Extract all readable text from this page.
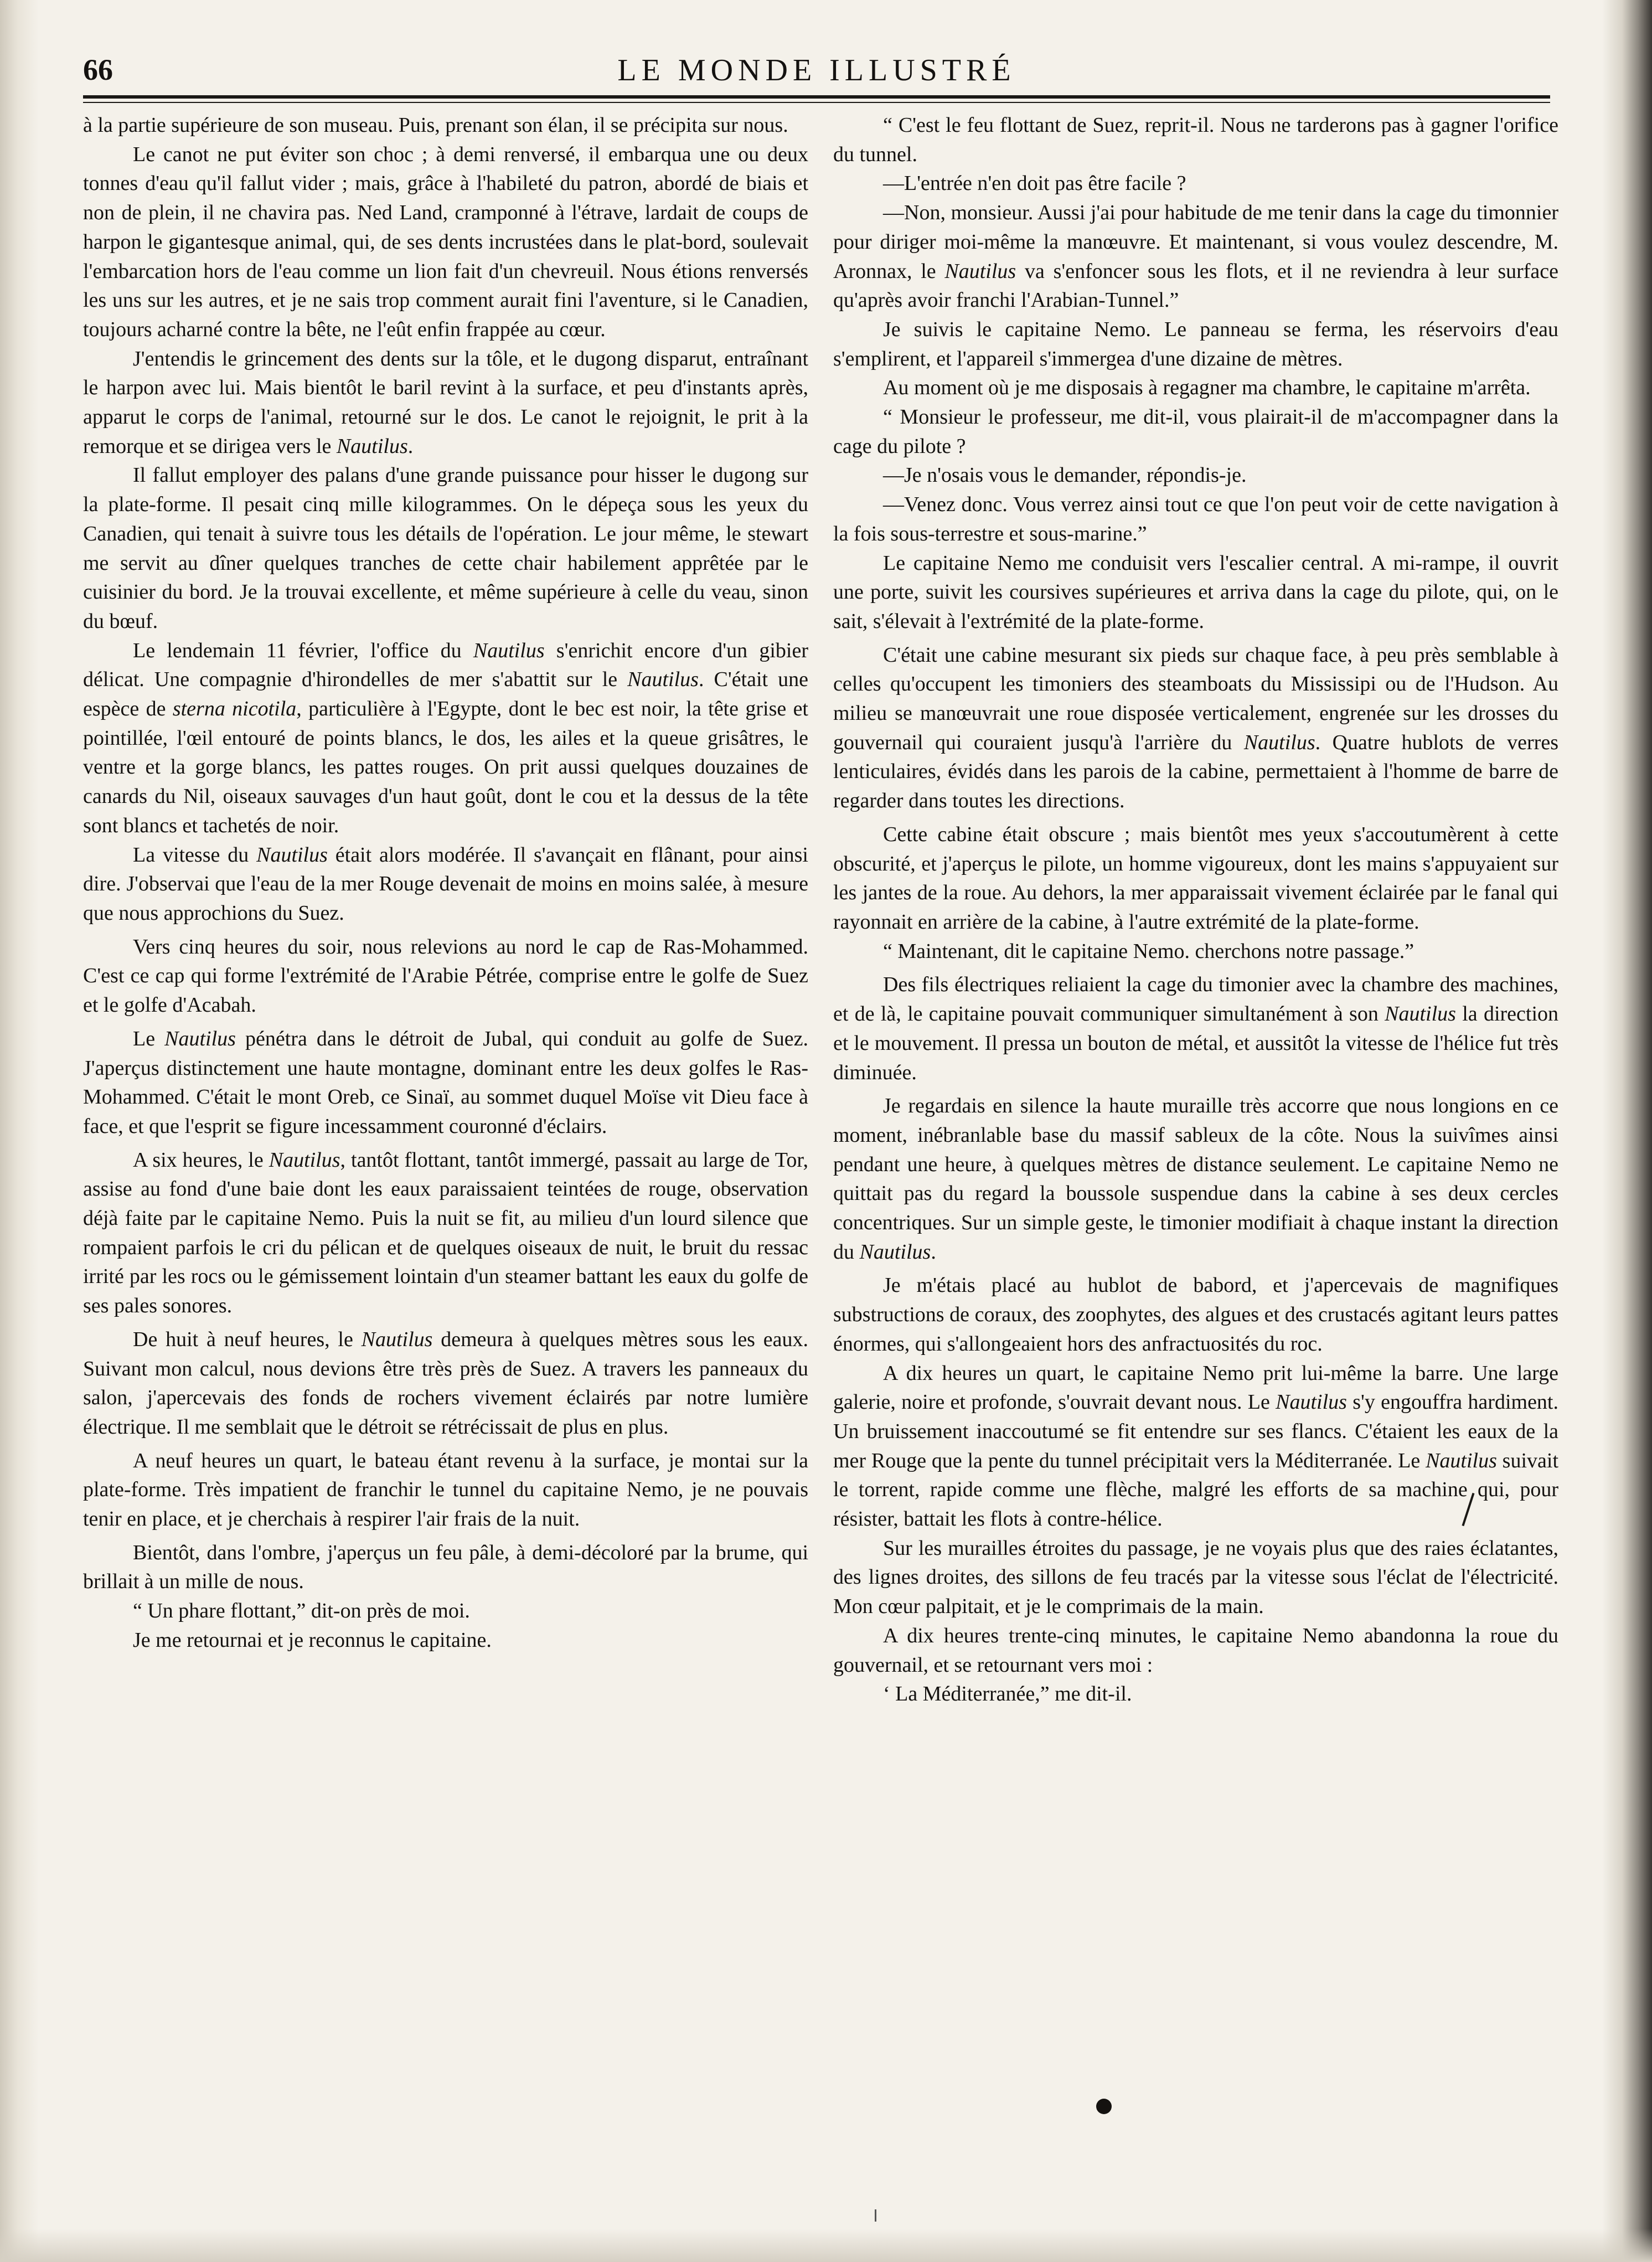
66	LE MONDE ILLUSTRÉ

à la partie supérieure de son museau. Puis, prenant son élan, il se précipita sur nous.

Le canot ne put éviter son choc ; à demi renversé, il embarqua une ou deux tonnes d'eau qu'il fallut vider ; mais, grâce à l'habileté du patron, abordé de biais et non de plein, il ne chavira pas. Ned Land, cramponné à l'étrave, lardait de coups de harpon le gigantesque animal, qui, de ses dents incrustées dans le plat-bord, soulevait l'embarcation hors de l'eau comme un lion fait d'un chevreuil. Nous étions renversés les uns sur les autres, et je ne sais trop comment aurait fini l'aventure, si le Canadien, toujours acharné contre la bête, ne l'eût enfin frappée au cœur.

J'entendis le grincement des dents sur la tôle, et le dugong disparut, entraînant le harpon avec lui. Mais bientôt le baril revint à la surface, et peu d'instants après, apparut le corps de l'animal, retourné sur le dos. Le canot le rejoignit, le prit à la remorque et se dirigea vers le Nautilus.

Il fallut employer des palans d'une grande puissance pour hisser le dugong sur la plate-forme. Il pesait cinq mille kilogrammes. On le dépeça sous les yeux du Canadien, qui tenait à suivre tous les détails de l'opération. Le jour même, le stewart me servit au dîner quelques tranches de cette chair habilement apprêtée par le cuisinier du bord. Je la trouvai excellente, et même supérieure à celle du veau, sinon du bœuf.

Le lendemain 11 février, l'office du Nautilus s'enrichit encore d'un gibier délicat. Une compagnie d'hirondelles de mer s'abattit sur le Nautilus. C'était une espèce de sterna nicotila, particulière à l'Egypte, dont le bec est noir, la tête grise et pointillée, l'œil entouré de points blancs, le dos, les ailes et la queue grisâtres, le ventre et la gorge blancs, les pattes rouges. On prit aussi quelques douzaines de canards du Nil, oiseaux sauvages d'un haut goût, dont le cou et la dessus de la tête sont blancs et tachetés de noir.

La vitesse du Nautilus était alors modérée. Il s'avançait en flânant, pour ainsi dire. J'observai que l'eau de la mer Rouge devenait de moins en moins salée, à mesure que nous approchions du Suez.

Vers cinq heures du soir, nous relevions au nord le cap de Ras-Mohammed. C'est ce cap qui forme l'extrémité de l'Arabie Pétrée, comprise entre le golfe de Suez et le golfe d'Acabah.

Le Nautilus pénétra dans le détroit de Jubal, qui conduit au golfe de Suez. J'aperçus distinctement une haute montagne, dominant entre les deux golfes le Ras-Mohammed. C'était le mont Oreb, ce Sinaï, au sommet duquel Moïse vit Dieu face à face, et que l'esprit se figure incessamment couronné d'éclairs.

A six heures, le Nautilus, tantôt flottant, tantôt immergé, passait au large de Tor, assise au fond d'une baie dont les eaux paraissaient teintées de rouge, observation déjà faite par le capitaine Nemo. Puis la nuit se fit, au milieu d'un lourd silence que rompaient parfois le cri du pélican et de quelques oiseaux de nuit, le bruit du ressac irrité par les rocs ou le gémissement lointain d'un steamer battant les eaux du golfe de ses pales sonores.

De huit à neuf heures, le Nautilus demeura à quelques mètres sous les eaux. Suivant mon calcul, nous devions être très près de Suez. A travers les panneaux du salon, j'apercevais des fonds de rochers vivement éclairés par notre lumière électrique. Il me semblait que le détroit se rétrécissait de plus en plus.

A neuf heures un quart, le bateau étant revenu à la surface, je montai sur la plate-forme. Très impatient de franchir le tunnel du capitaine Nemo, je ne pouvais tenir en place, et je cherchais à respirer l'air frais de la nuit.

Bientôt, dans l'ombre, j'aperçus un feu pâle, à demi-décoloré par la brume, qui brillait à un mille de nous.

“ Un phare flottant,” dit-on près de moi.

Je me retournai et je reconnus le capitaine.

“ C'est le feu flottant de Suez, reprit-il. Nous ne tarderons pas à gagner l'orifice du tunnel.

—L'entrée n'en doit pas être facile ?

—Non, monsieur. Aussi j'ai pour habitude de me tenir dans la cage du timonnier pour diriger moi-même la manœuvre. Et maintenant, si vous voulez descendre, M. Aronnax, le Nautilus va s'enfoncer sous les flots, et il ne reviendra à leur surface qu'après avoir franchi l'Arabian-Tunnel.”

Je suivis le capitaine Nemo. Le panneau se ferma, les réservoirs d'eau s'emplirent, et l'appareil s'immergea d'une dizaine de mètres.

Au moment où je me disposais à regagner ma chambre, le capitaine m'arrêta.

“ Monsieur le professeur, me dit-il, vous plairait-il de m'accompagner dans la cage du pilote ?

—Je n'osais vous le demander, répondis-je.

—Venez donc. Vous verrez ainsi tout ce que l'on peut voir de cette navigation à la fois sous-terrestre et sous-marine.”

Le capitaine Nemo me conduisit vers l'escalier central. A mi-rampe, il ouvrit une porte, suivit les coursives supérieures et arriva dans la cage du pilote, qui, on le sait, s'élevait à l'extrémité de la plate-forme.

C'était une cabine mesurant six pieds sur chaque face, à peu près semblable à celles qu'occupent les timoniers des steamboats du Mississipi ou de l'Hudson. Au milieu se manœuvrait une roue disposée verticalement, engrenée sur les drosses du gouvernail qui couraient jusqu'à l'arrière du Nautilus. Quatre hublots de verres lenticulaires, évidés dans les parois de la cabine, permettaient à l'homme de barre de regarder dans toutes les directions.

Cette cabine était obscure ; mais bientôt mes yeux s'accoutumèrent à cette obscurité, et j'aperçus le pilote, un homme vigoureux, dont les mains s'appuyaient sur les jantes de la roue. Au dehors, la mer apparaissait vivement éclairée par le fanal qui rayonnait en arrière de la cabine, à l'autre extrémité de la plate-forme.

“ Maintenant, dit le capitaine Nemo. cherchons notre passage.”

Des fils électriques reliaient la cage du timonier avec la chambre des machines, et de là, le capitaine pouvait communiquer simultanément à son Nautilus la direction et le mouvement. Il pressa un bouton de métal, et aussitôt la vitesse de l'hélice fut très diminuée.

Je regardais en silence la haute muraille très accorre que nous longions en ce moment, inébranlable base du massif sableux de la côte. Nous la suivîmes ainsi pendant une heure, à quelques mètres de distance seulement. Le capitaine Nemo ne quittait pas du regard la boussole suspendue dans la cabine à ses deux cercles concentriques. Sur un simple geste, le timonier modifiait à chaque instant la direction du Nautilus.

Je m'étais placé au hublot de babord, et j'apercevais de magnifiques substructions de coraux, des zoophytes, des algues et des crustacés agitant leurs pattes énormes, qui s'allongeaient hors des anfractuosités du roc.

A dix heures un quart, le capitaine Nemo prit lui-même la barre. Une large galerie, noire et profonde, s'ouvrait devant nous. Le Nautilus s'y engouffra hardiment. Un bruissement inaccoutumé se fit entendre sur ses flancs. C'étaient les eaux de la mer Rouge que la pente du tunnel précipitait vers la Méditerranée. Le Nautilus suivait le torrent, rapide comme une flèche, malgré les efforts de sa machine qui, pour résister, battait les flots à contre-hélice.

Sur les murailles étroites du passage, je ne voyais plus que des raies éclatantes, des lignes droites, des sillons de feu tracés par la vitesse sous l'éclat de l'électricité. Mon cœur palpitait, et je le comprimais de la main.

A dix heures trente-cinq minutes, le capitaine Nemo abandonna la roue du gouvernail, et se retournant vers moi :

‘ La Méditerranée,” me dit-il.
